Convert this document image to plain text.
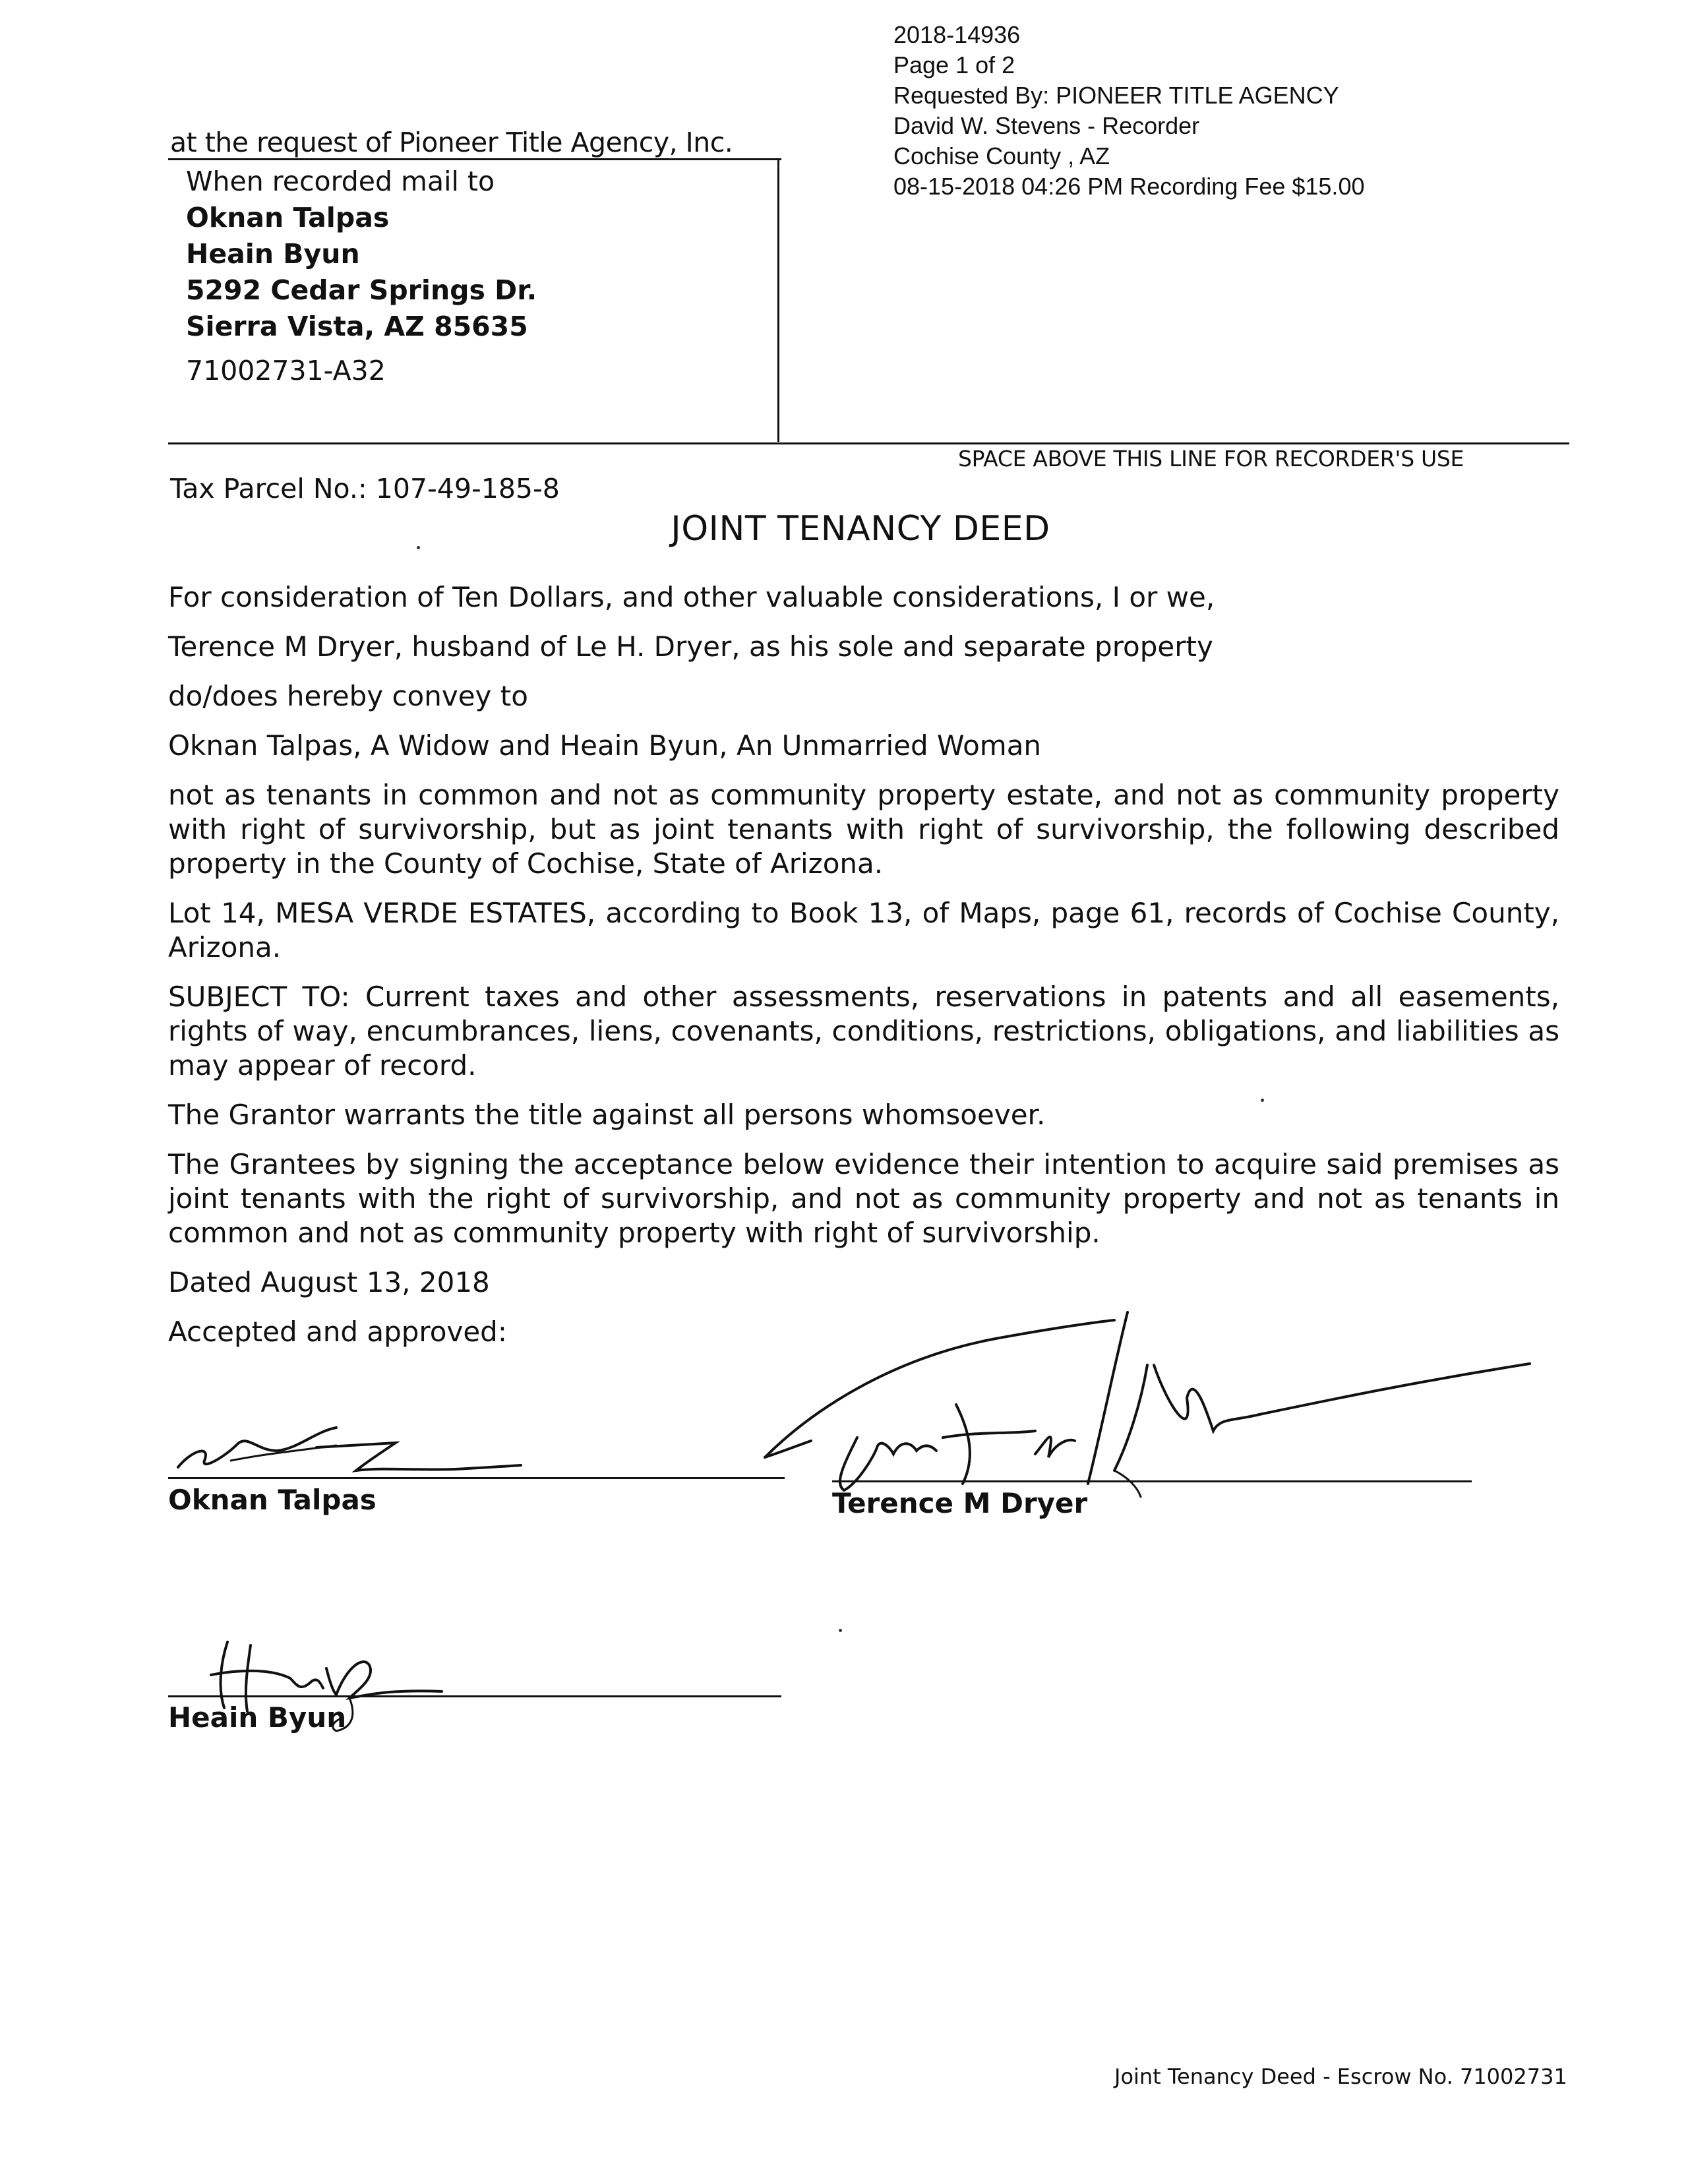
2018-14936
Page 1 of 2
Requested By: PIONEER TITLE AGENCY
David W. Stevens - Recorder
Cochise County , AZ
08-15-2018 04:26 PM Recording Fee $15.00
at the request of Pioneer Title Agency, Inc.
When recorded mail to
Oknan Talpas
Heain Byun
5292 Cedar Springs Dr.
Sierra Vista, AZ 85635
71002731-A32
SPACE ABOVE THIS LINE FOR RECORDER'S USE
Tax Parcel No.: 107-49-185-8
JOINT TENANCY DEED

For consideration of Ten Dollars, and other valuable considerations, I or we,

Terence M Dryer, husband of Le H. Dryer, as his sole and separate property

do/does hereby convey to

Oknan Talpas, A Widow and Heain Byun, An Unmarried Woman

not as tenants in common and not as community property estate, and not as community property with right of survivorship, but as joint tenants with right of survivorship, the following described property in the County of Cochise, State of Arizona.

Lot 14, MESA VERDE ESTATES, according to Book 13, of Maps, page 61, records of Cochise County, Arizona.

SUBJECT TO: Current taxes and other assessments, reservations in patents and all easements, rights of way, encumbrances, liens, covenants, conditions, restrictions, obligations, and liabilities as may appear of record.

The Grantor warrants the title against all persons whomsoever.

The Grantees by signing the acceptance below evidence their intention to acquire said premises as joint tenants with the right of survivorship, and not as community property and not as tenants in common and not as community property with right of survivorship.

Dated August 13, 2018

Accepted and approved:

Oknan Talpas	Terence M Dryer
Heain Byun
Joint Tenancy Deed - Escrow No. 71002731
